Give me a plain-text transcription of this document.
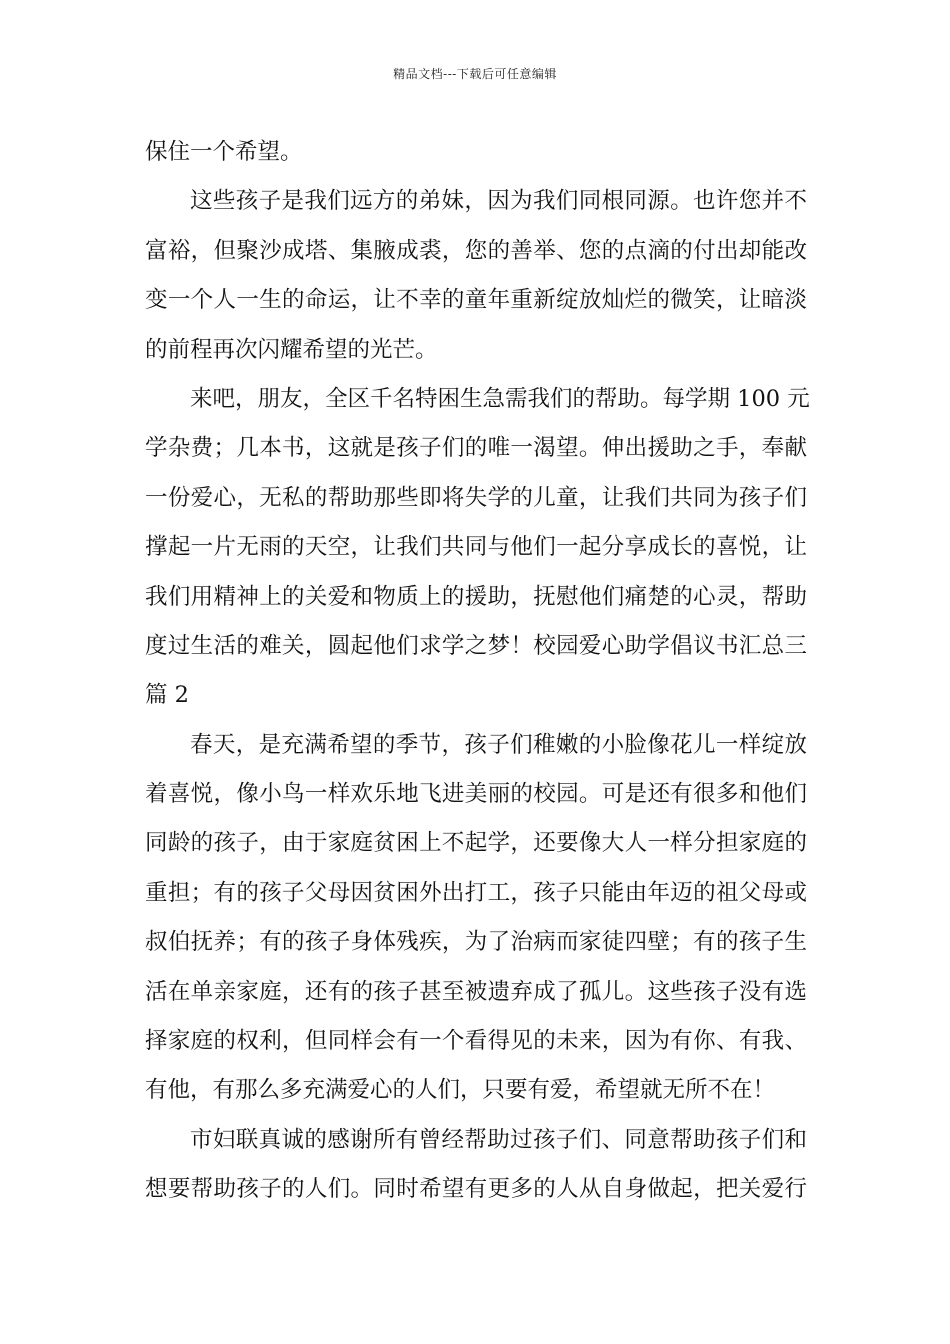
精品文档---下载后可任意编辑
保住一个希望。
这些孩子是我们远方的弟妹，因为我们同根同源。也许您并不
富裕，但聚沙成塔、集腋成裘，您的善举、您的点滴的付出却能改
变一个人一生的命运，让不幸的童年重新绽放灿烂的微笑，让暗淡
的前程再次闪耀希望的光芒。
来吧，朋友，全区千名特困生急需我们的帮助。每学期 100 元
学杂费；几本书，这就是孩子们的唯一渴望。伸出援助之手，奉献
一份爱心，无私的帮助那些即将失学的儿童，让我们共同为孩子们
撑起一片无雨的天空，让我们共同与他们一起分享成长的喜悦，让
我们用精神上的关爱和物质上的援助，抚慰他们痛楚的心灵，帮助
度过生活的难关，圆起他们求学之梦！校园爱心助学倡议书汇总三
篇 2
春天，是充满希望的季节，孩子们稚嫩的小脸像花儿一样绽放
着喜悦，像小鸟一样欢乐地飞进美丽的校园。可是还有很多和他们
同龄的孩子，由于家庭贫困上不起学，还要像大人一样分担家庭的
重担；有的孩子父母因贫困外出打工，孩子只能由年迈的祖父母或
叔伯抚养；有的孩子身体残疾，为了治病而家徒四壁；有的孩子生
活在单亲家庭，还有的孩子甚至被遗弃成了孤儿。这些孩子没有选
择家庭的权利，但同样会有一个看得见的未来，因为有你、有我、
有他，有那么多充满爱心的人们，只要有爱，希望就无所不在！
市妇联真诚的感谢所有曾经帮助过孩子们、同意帮助孩子们和
想要帮助孩子的人们。同时希望有更多的人从自身做起，把关爱行
